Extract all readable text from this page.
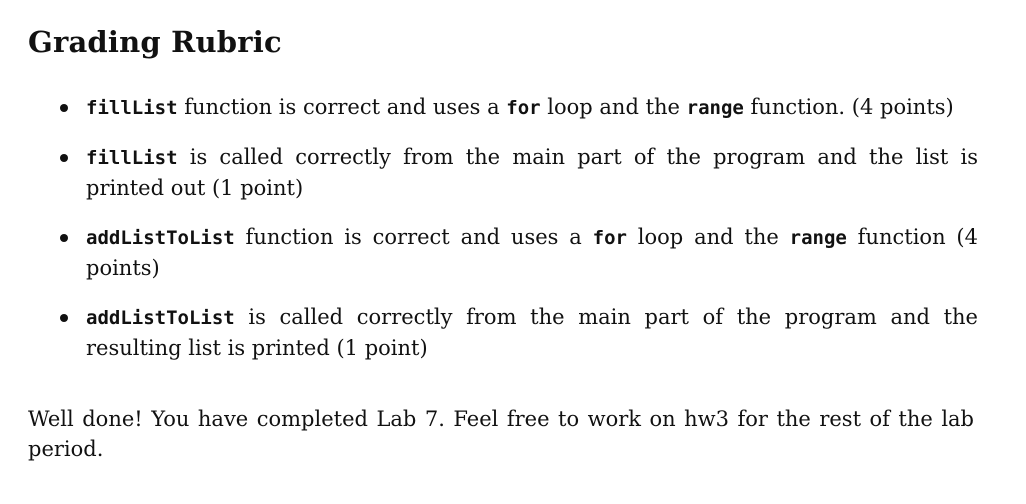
Grading Rubric
fillList function is correct and uses a for loop and the range function. (4 points)
fillList is called correctly from the main part of the program and the list is printed out (1 point)
addListToList function is correct and uses a for loop and the range function (4 points)
addListToList is called correctly from the main part of the program and the resulting list is printed (1 point)

Well done! You have completed Lab 7. Feel free to work on hw3 for the rest of the lab period.
